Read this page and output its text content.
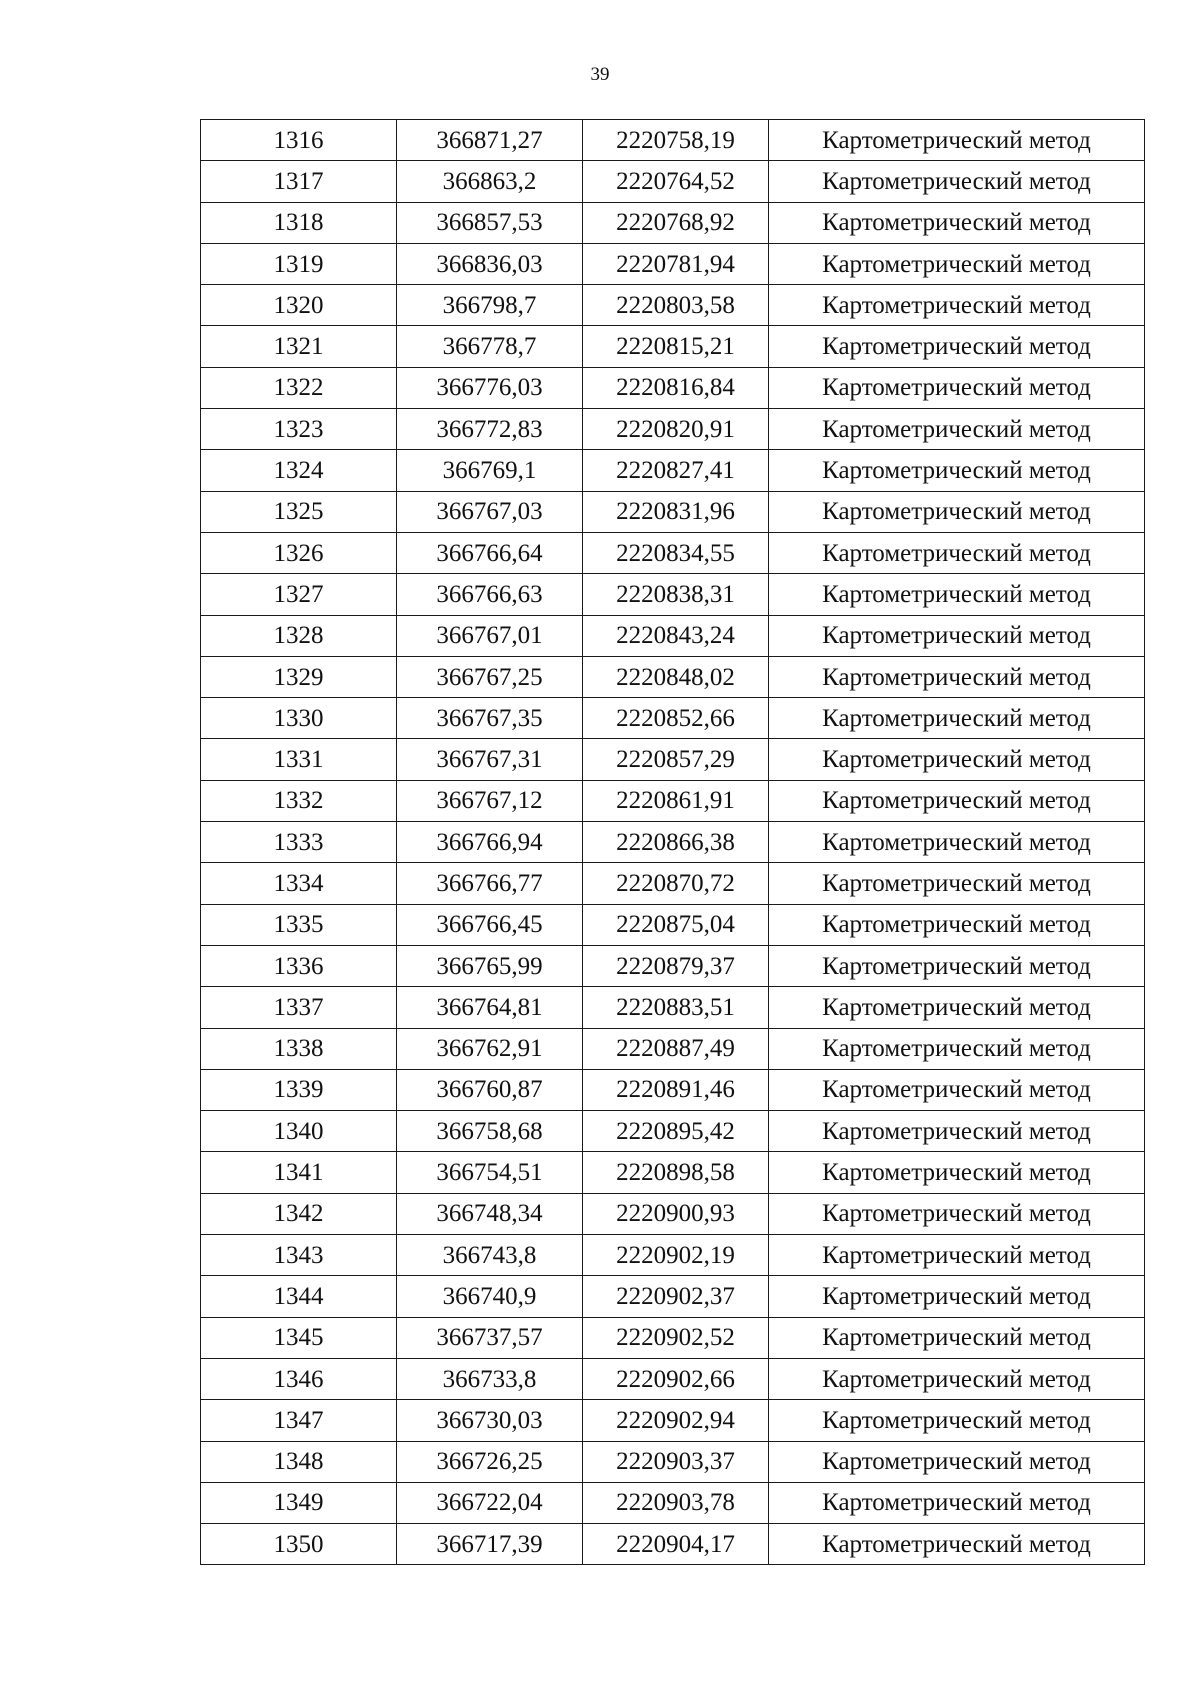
39
1316	366871,27	2220758,19	Картометрический метод
1317	366863,2	2220764,52	Картометрический метод
1318	366857,53	2220768,92	Картометрический метод
1319	366836,03	2220781,94	Картометрический метод
1320	366798,7	2220803,58	Картометрический метод
1321	366778,7	2220815,21	Картометрический метод
1322	366776,03	2220816,84	Картометрический метод
1323	366772,83	2220820,91	Картометрический метод
1324	366769,1	2220827,41	Картометрический метод
1325	366767,03	2220831,96	Картометрический метод
1326	366766,64	2220834,55	Картометрический метод
1327	366766,63	2220838,31	Картометрический метод
1328	366767,01	2220843,24	Картометрический метод
1329	366767,25	2220848,02	Картометрический метод
1330	366767,35	2220852,66	Картометрический метод
1331	366767,31	2220857,29	Картометрический метод
1332	366767,12	2220861,91	Картометрический метод
1333	366766,94	2220866,38	Картометрический метод
1334	366766,77	2220870,72	Картометрический метод
1335	366766,45	2220875,04	Картометрический метод
1336	366765,99	2220879,37	Картометрический метод
1337	366764,81	2220883,51	Картометрический метод
1338	366762,91	2220887,49	Картометрический метод
1339	366760,87	2220891,46	Картометрический метод
1340	366758,68	2220895,42	Картометрический метод
1341	366754,51	2220898,58	Картометрический метод
1342	366748,34	2220900,93	Картометрический метод
1343	366743,8	2220902,19	Картометрический метод
1344	366740,9	2220902,37	Картометрический метод
1345	366737,57	2220902,52	Картометрический метод
1346	366733,8	2220902,66	Картометрический метод
1347	366730,03	2220902,94	Картометрический метод
1348	366726,25	2220903,37	Картометрический метод
1349	366722,04	2220903,78	Картометрический метод
1350	366717,39	2220904,17	Картометрический метод
